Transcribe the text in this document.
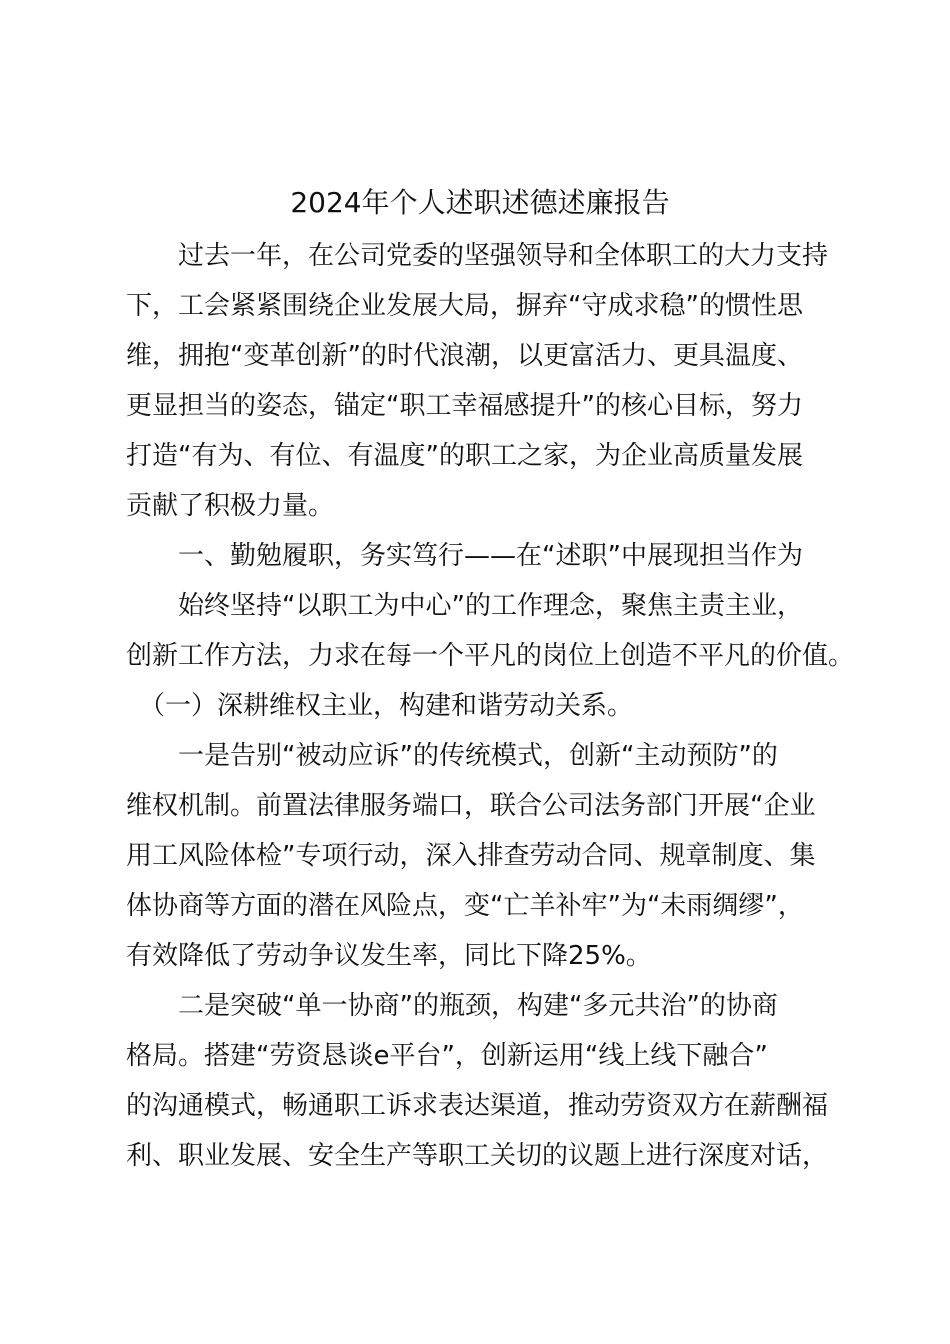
2024年个人述职述德述廉报告

　　过去一年，在公司党委的坚强领导和全体职工的大力支持

下，工会紧紧围绕企业发展大局，摒弃“守成求稳”的惯性思

维，拥抱“变革创新”的时代浪潮，以更富活力、更具温度、

更显担当的姿态，锚定“职工幸福感提升”的核心目标，努力

打造“有为、有位、有温度”的职工之家，为企业高质量发展

贡献了积极力量。

　　一、勤勉履职，务实笃行——在“述职”中展现担当作为

　　始终坚持“以职工为中心”的工作理念，聚焦主责主业，

创新工作方法，力求在每一个平凡的岗位上创造不平凡的价值。

　（一）深耕维权主业，构建和谐劳动关系。

　　一是告别“被动应诉”的传统模式，创新“主动预防”的

维权机制。前置法律服务端口，联合公司法务部门开展“企业

用工风险体检”专项行动，深入排查劳动合同、规章制度、集

体协商等方面的潜在风险点，变“亡羊补牢”为“未雨绸缪”，

有效降低了劳动争议发生率，同比下降25%。

　　二是突破“单一协商”的瓶颈，构建“多元共治”的协商

格局。搭建“劳资恳谈e平台”，创新运用“线上线下融合”

的沟通模式，畅通职工诉求表达渠道，推动劳资双方在薪酬福

利、职业发展、安全生产等职工关切的议题上进行深度对话，
